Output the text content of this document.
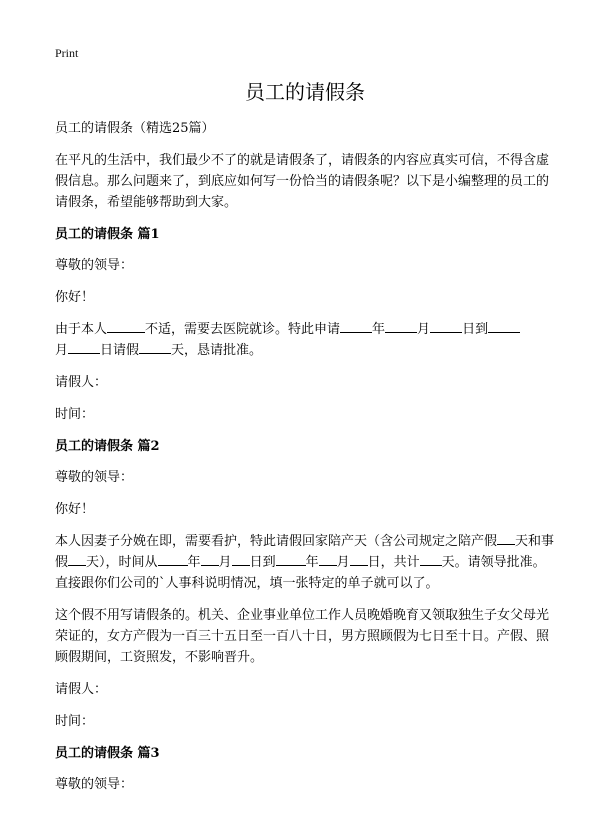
Print
员工的请假条

员工的请假条（精选25篇）

在平凡的生活中，我们最少不了的就是请假条了，请假条的内容应真实可信，不得含虚假信息。那么问题来了，到底应如何写一份恰当的请假条呢？以下是小编整理的员工的请假条，希望能够帮助到大家。

员工的请假条 篇1

尊敬的领导：

你好！

由于本人	不适，需要去医院就诊。特此申请 年 月 日到
月 日请假 天，恳请批准。

请假人：

时间：

员工的请假条 篇2

尊敬的领导：

你好！

本人因妻子分娩在即，需要看护，特此请假回家陪产天（含公司规定之陪产假 天和事假 天），时间从 年 月 日到 年 月 日，共计 天。请领导批准。直接跟你们公司的`人事科说明情况，填一张特定的单子就可以了。

这个假不用写请假条的。机关、企业事业单位工作人员晚婚晚育又领取独生子女父母光荣证的，女方产假为一百三十五日至一百八十日，男方照顾假为七日至十日。产假、照顾假期间，工资照发，不影响晋升。

请假人：

时间：

员工的请假条 篇3

尊敬的领导：
